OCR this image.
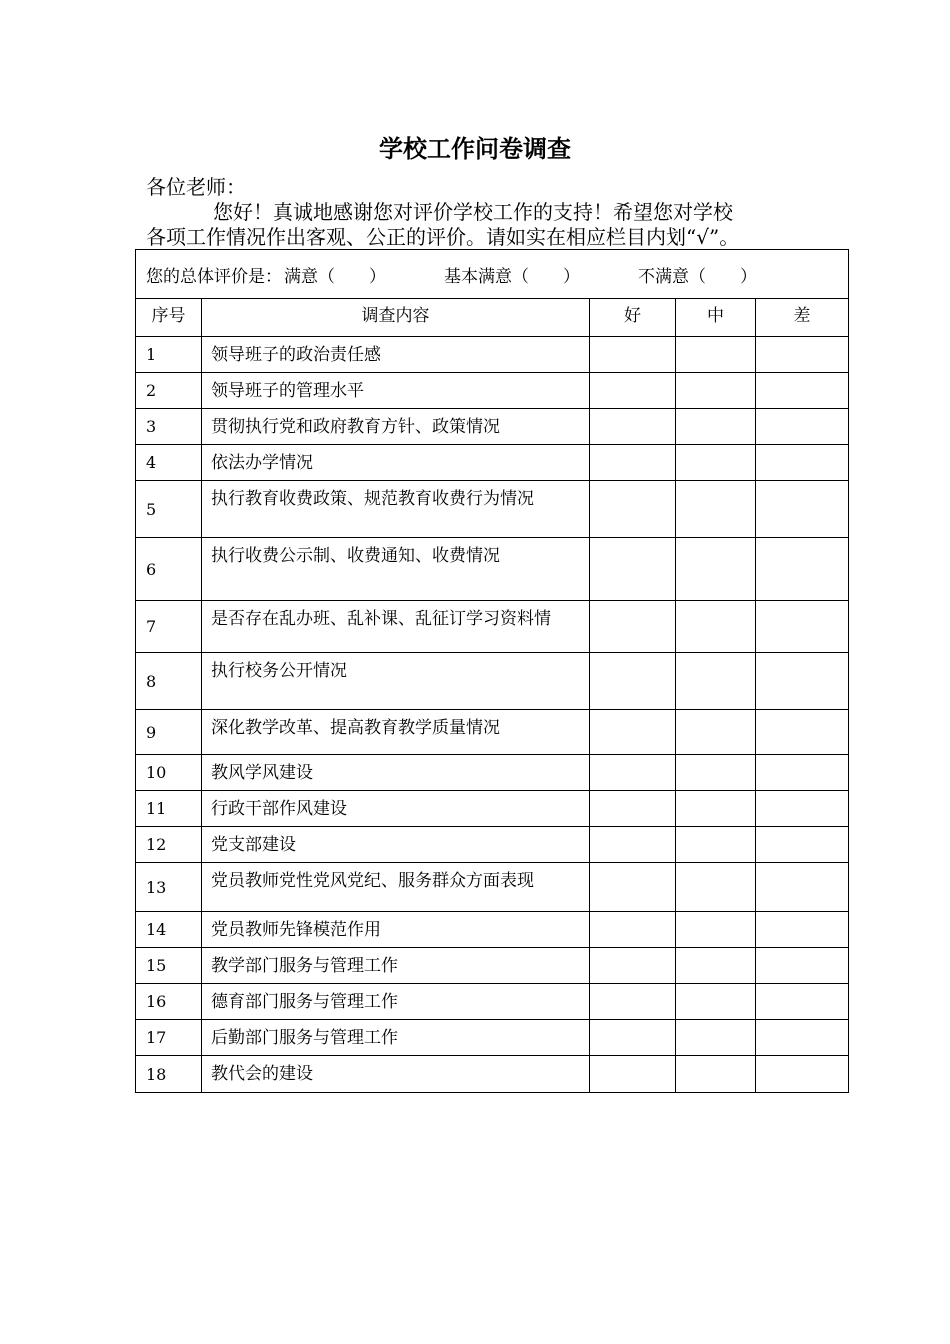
学校工作问卷调查
各位老师：
您好！真诚地感谢您对评价学校工作的支持！希望您对学校
各项工作情况作出客观、公正的评价。请如实在相应栏目内划“√”。
您的总体评价是： 满意（　　） 基本满意（　　） 不满意（　　）				
序号	调查内容	好	中	差
1	领导班子的政治责任感			
2	领导班子的管理水平			
3	贯彻执行党和政府教育方针、政策情况			
4	依法办学情况			
5	执行教育收费政策、规范教育收费行为情况			
6	执行收费公示制、收费通知、收费情况			
7	是否存在乱办班、乱补课、乱征订学习资料情			
8	执行校务公开情况			
9	深化教学改革、提高教育教学质量情况			
10	教风学风建设			
11	行政干部作风建设			
12	党支部建设			
13	党员教师党性党风党纪、服务群众方面表现			
14	党员教师先锋模范作用			
15	教学部门服务与管理工作			
16	德育部门服务与管理工作			
17	后勤部门服务与管理工作			
18	教代会的建设			
